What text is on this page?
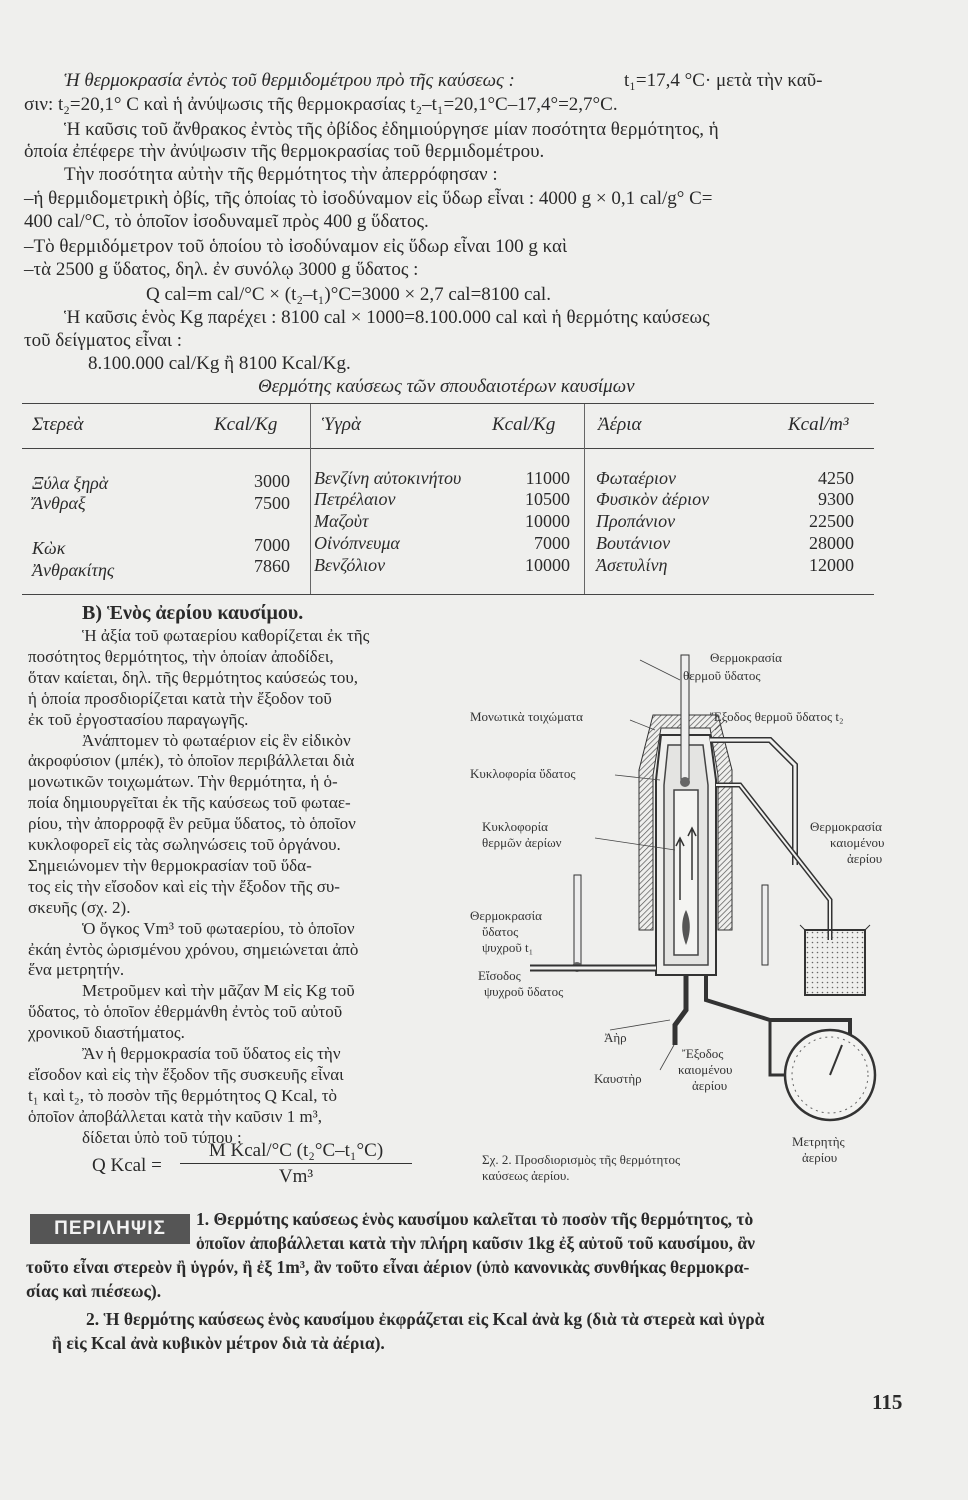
Ἡ θερμοκρασία ἐντὸς τοῦ θερμιδομέτρου πρὸ τῆς καύσεως :	t₁=17,4 °C· μετὰ τὴν καῦ-
σιν: t₂=20,1° C καὶ ἡ ἀνύψωσις τῆς θερμοκρασίας t₂–t₁=20,1°C–17,4°=2,7°C.
Ἡ καῦσις τοῦ ἄνθρακος ἐντὸς τῆς ὀβίδος ἐδημιούργησε μίαν ποσότητα θερμότητος, ἡ
ὁποία ἐπέφερε τὴν ἀνύψωσιν τῆς θερμοκρασίας τοῦ θερμιδομέτρου.
Τὴν ποσότητα αὐτὴν τῆς θερμότητος τὴν ἀπερρόφησαν :
–ἡ θερμιδομετρικὴ ὀβίς, τῆς ὁποίας τὸ ἰσοδύναμον εἰς ὕδωρ εἶναι : 4000 g × 0,1 cal/g° C=
400 cal/°C, τὸ ὁποῖον ἰσοδυναμεῖ πρὸς 400 g ὕδατος.
–Τὸ θερμιδόμετρον τοῦ ὁποίου τὸ ἰσοδύναμον εἰς ὕδωρ εἶναι 100 g καὶ
–τὰ 2500 g ὕδατος, δηλ. ἐν συνόλῳ 3000 g ὕδατος :
Q cal=m cal/°C × (t₂–t₁)°C=3000 × 2,7 cal=8100 cal.
Ἡ καῦσις ἑνὸς Kg παρέχει : 8100 cal × 1000=8.100.000 cal καὶ ἡ θερμότης καύσεως
τοῦ δείγματος εἶναι :
8.100.000 cal/Kg ἢ 8100 Kcal/Kg.
Θερμότης καύσεως τῶν σπουδαιοτέρων καυσίμων
Στερεὰ	Kcal/Kg Ὑγρὰ	Kcal/Kg Ἀέρια	Kcal/m³
Ξύλα ξηρὰ	3000
Ἄνθραξ	7500
Κὼκ	7000
Ἀνθρακίτης	7860
Βενζίνη αὐτοκινήτου	11000
Πετρέλαιον	10500
Μαζοὺτ	10000
Οἰνόπνευμα	7000
Βενζόλιον	10000
Φωταέριον	4250
Φυσικὸν ἀέριον	9300
Προπάνιον	22500
Βουτάνιον	28000
Ἀσετυλίνη	12000
Β) Ἑνὸς ἀερίου καυσίμου.
Ἡ ἀξία τοῦ φωταερίου καθορίζεται ἐκ τῆς
ποσότητος θερμότητος, τὴν ὁποίαν ἀποδίδει,
ὅταν καίεται, δηλ. τῆς θερμότητος καύσεώς του,
ἡ ὁποία προσδιορίζεται κατὰ τὴν ἔξοδον τοῦ
ἐκ τοῦ ἐργοστασίου παραγωγῆς.
Ἀνάπτομεν τὸ φωταέριον εἰς ἓν εἰδικὸν
ἀκροφύσιον (μπέκ), τὸ ὁποῖον περιβάλλεται διὰ
μονωτικῶν τοιχωμάτων. Τὴν θερμότητα, ἡ ὁ-
ποία δημιουργεῖται ἐκ τῆς καύσεως τοῦ φωταε-
ρίου, τὴν ἀπορροφᾷ ἓν ρεῦμα ὕδατος, τὸ ὁποῖον
κυκλοφορεῖ εἰς τὰς σωληνώσεις τοῦ ὀργάνου.
Σημειώνομεν τὴν θερμοκρασίαν τοῦ ὕδα-
τος εἰς τὴν εἴσοδον καὶ εἰς τὴν ἔξοδον τῆς συ-
σκευῆς (σχ. 2).
Ὁ ὄγκος Vm³ τοῦ φωταερίου, τὸ ὁποῖον
ἐκάη ἐντὸς ὡρισμένου χρόνου, σημειώνεται ἀπὸ
ἕνα μετρητήν.
Μετροῦμεν καὶ τὴν μᾶζαν M εἰς Kg τοῦ
ὕδατος, τὸ ὁποῖον ἐθερμάνθη ἐντὸς τοῦ αὐτοῦ
χρονικοῦ διαστήματος.
Ἂν ἡ θερμοκρασία τοῦ ὕδατος εἰς τὴν
εἴσοδον καὶ εἰς τὴν ἔξοδον τῆς συσκευῆς εἶναι
t₁ καὶ t₂, τὸ ποσὸν τῆς θερμότητος Q Kcal, τὸ
ὁποῖον ἀποβάλλεται κατὰ τὴν καῦσιν 1 m³,
δίδεται ὑπὸ τοῦ τύπου :
Q Kcal =
M Kcal/°C (t₂°C–t₁°C)
Vm³
Θερμοκρασία
θερμοῦ ὕδατος
Μονωτικὰ τοιχώματα	Ἔξοδος θερμοῦ ὕδατος t₂
Κυκλοφορία ὕδατος
Κυκλοφορία
θερμῶν ἀερίων
Θερμοκρασία
καιομένου
ἀερίου
Θερμοκρασία
ὕδατος
ψυχροῦ t₁
Εἴσοδος
ψυχροῦ ὕδατος
Ἀὴρ
Καυστὴρ
Ἔξοδος
καιομένου
ἀερίου
Μετρητὴς
ἀερίου
Σχ. 2. Προσδιορισμὸς τῆς θερμότητος
καύσεως ἀερίου.
ΠΕΡΙΛΗΨΙΣ	1. Θερμότης καύσεως ἑνὸς καυσίμου καλεῖται τὸ ποσὸν τῆς θερμότητος, τὸ
ὁποῖον ἀποβάλλεται κατὰ τὴν πλήρη καῦσιν 1kg ἐξ αὐτοῦ τοῦ καυσίμου, ἂν
τοῦτο εἶναι στερεὸν ἢ ὑγρόν, ἢ ἐξ 1m³, ἂν τοῦτο εἶναι ἀέριον (ὑπὸ κανονικὰς συνθήκας θερμοκρα-
σίας καὶ πιέσεως).
2. Ἡ θερμότης καύσεως ἑνὸς καυσίμου ἐκφράζεται εἰς Kcal ἀνὰ kg (διὰ τὰ στερεὰ καὶ ὑγρὰ
ἢ εἰς Kcal ἀνὰ κυβικὸν μέτρον διὰ τὰ ἀέρια).
115
